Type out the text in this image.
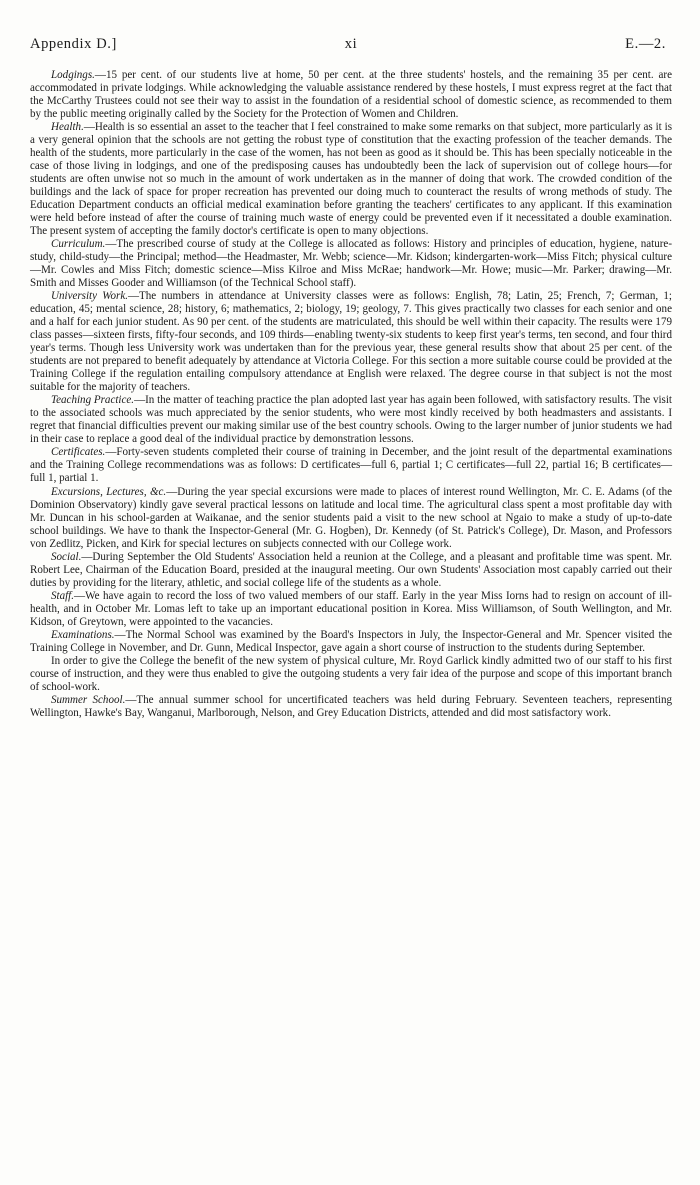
Appendix D.]	xi	E.—2.

Lodgings.—15 per cent. of our students live at home, 50 per cent. at the three students' hostels, and the remaining 35 per cent. are accommodated in private lodgings. While acknowledging the valuable assistance rendered by these hostels, I must express regret at the fact that the McCarthy Trustees could not see their way to assist in the foundation of a residential school of domestic science, as recommended to them by the public meeting originally called by the Society for the Protection of Women and Children.

Health.—Health is so essential an asset to the teacher that I feel constrained to make some remarks on that subject, more particularly as it is a very general opinion that the schools are not getting the robust type of constitution that the exacting profession of the teacher demands. The health of the students, more particularly in the case of the women, has not been as good as it should be. This has been specially noticeable in the case of those living in lodgings, and one of the predisposing causes has undoubtedly been the lack of supervision out of college hours—for students are often unwise not so much in the amount of work undertaken as in the manner of doing that work. The crowded condition of the buildings and the lack of space for proper recreation has prevented our doing much to counteract the results of wrong methods of study. The Education Department conducts an official medical examination before granting the teachers' certificates to any applicant. If this examination were held before instead of after the course of training much waste of energy could be prevented even if it necessitated a double examination. The present system of accepting the family doctor's certificate is open to many objections.

Curriculum.—The prescribed course of study at the College is allocated as follows: History and principles of education, hygiene, nature-study, child-study—the Principal; method—the Headmaster, Mr. Webb; science—Mr. Kidson; kindergarten-work—Miss Fitch; physical culture—Mr. Cowles and Miss Fitch; domestic science—Miss Kilroe and Miss McRae; handwork—Mr. Howe; music—Mr. Parker; drawing—Mr. Smith and Misses Gooder and Williamson (of the Technical School staff).

University Work.—The numbers in attendance at University classes were as follows: English, 78; Latin, 25; French, 7; German, 1; education, 45; mental science, 28; history, 6; mathematics, 2; biology, 19; geology, 7. This gives practically two classes for each senior and one and a half for each junior student. As 90 per cent. of the students are matriculated, this should be well within their capacity. The results were 179 class passes—sixteen firsts, fifty-four seconds, and 109 thirds—enabling twenty-six students to keep first year's terms, ten second, and four third year's terms. Though less University work was undertaken than for the previous year, these general results show that about 25 per cent. of the students are not prepared to benefit adequately by attendance at Victoria College. For this section a more suitable course could be provided at the Training College if the regulation entailing compulsory attendance at English were relaxed. The degree course in that subject is not the most suitable for the majority of teachers.

Teaching Practice.—In the matter of teaching practice the plan adopted last year has again been followed, with satisfactory results. The visit to the associated schools was much appreciated by the senior students, who were most kindly received by both headmasters and assistants. I regret that financial difficulties prevent our making similar use of the best country schools. Owing to the larger number of junior students we had in their case to replace a good deal of the individual practice by demonstration lessons.

Certificates.—Forty-seven students completed their course of training in December, and the joint result of the departmental examinations and the Training College recommendations was as follows: D certificates—full 6, partial 1; C certificates—full 22, partial 16; B certificates—full 1, partial 1.

Excursions, Lectures, &c.—During the year special excursions were made to places of interest round Wellington, Mr. C. E. Adams (of the Dominion Observatory) kindly gave several practical lessons on latitude and local time. The agricultural class spent a most profitable day with Mr. Duncan in his school-garden at Waikanae, and the senior students paid a visit to the new school at Ngaio to make a study of up-to-date school buildings. We have to thank the Inspector-General (Mr. G. Hogben), Dr. Kennedy (of St. Patrick's College), Dr. Mason, and Professors von Zedlitz, Picken, and Kirk for special lectures on subjects connected with our College work.

Social.—During September the Old Students' Association held a reunion at the College, and a pleasant and profitable time was spent. Mr. Robert Lee, Chairman of the Education Board, presided at the inaugural meeting. Our own Students' Association most capably carried out their duties by providing for the literary, athletic, and social college life of the students as a whole.

Staff.—We have again to record the loss of two valued members of our staff. Early in the year Miss Iorns had to resign on account of ill-health, and in October Mr. Lomas left to take up an important educational position in Korea. Miss Williamson, of South Wellington, and Mr. Kidson, of Greytown, were appointed to the vacancies.

Examinations.—The Normal School was examined by the Board's Inspectors in July, the Inspector-General and Mr. Spencer visited the Training College in November, and Dr. Gunn, Medical Inspector, gave again a short course of instruction to the students during September.

In order to give the College the benefit of the new system of physical culture, Mr. Royd Garlick kindly admitted two of our staff to his first course of instruction, and they were thus enabled to give the outgoing students a very fair idea of the purpose and scope of this important branch of school-work.

Summer School.—The annual summer school for uncertificated teachers was held during February. Seventeen teachers, representing Wellington, Hawke's Bay, Wanganui, Marlborough, Nelson, and Grey Education Districts, attended and did most satisfactory work.
